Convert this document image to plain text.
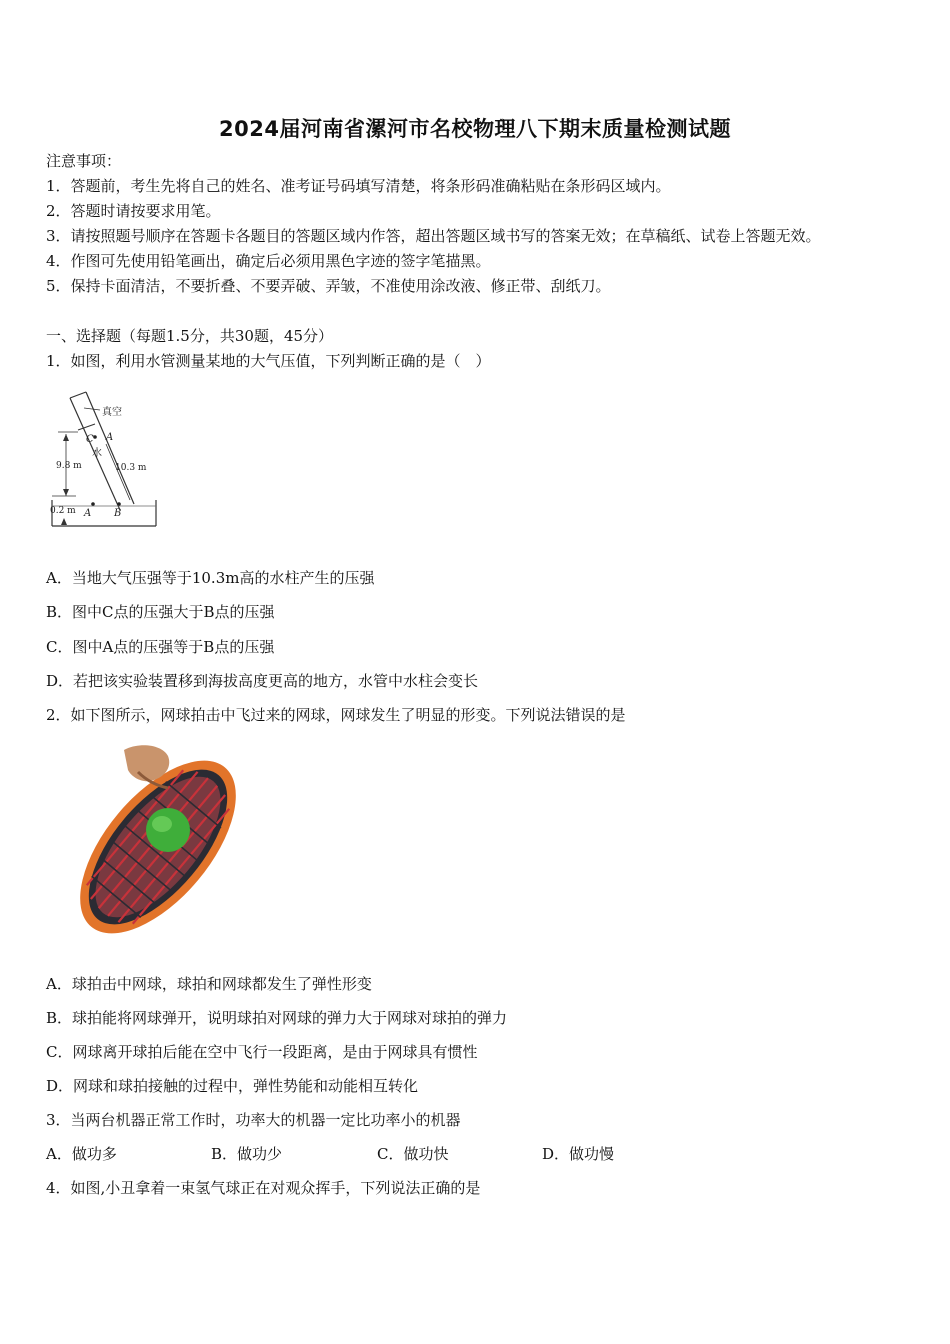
2024届河南省漯河市名校物理八下期末质量检测试题
注意事项：
1．答题前，考生先将自己的姓名、准考证号码填写清楚，将条形码准确粘贴在条形码区域内。
2．答题时请按要求用笔。
3．请按照题号顺序在答题卡各题目的答题区域内作答，超出答题区域书写的答案无效；在草稿纸、试卷上答题无效。
4．作图可先使用铅笔画出，确定后必须用黑色字迹的签字笔描黑。
5．保持卡面清洁，不要折叠、不要弄破、弄皱，不准使用涂改液、修正带、刮纸刀。
一、选择题（每题1.5分，共30题，45分）
1．如图，利用水管测量某地的大气压值，下列判断正确的是（　）
真空
9.8 m
C A
水
10.3 m
0.2 m A B
A．当地大气压强等于10.3m高的水柱产生的压强
B．图中C点的压强大于B点的压强
C．图中A点的压强等于B点的压强
D．若把该实验装置移到海拔高度更高的地方，水管中水柱会变长
2．如下图所示，网球拍击中飞过来的网球，网球发生了明显的形变。下列说法错误的是
A．球拍击中网球，球拍和网球都发生了弹性形变
B．球拍能将网球弹开，说明球拍对网球的弹力大于网球对球拍的弹力
C．网球离开球拍后能在空中飞行一段距离，是由于网球具有惯性
D．网球和球拍接触的过程中，弹性势能和动能相互转化
3．当两台机器正常工作时，功率大的机器一定比功率小的机器
A．做功多	B．做功少	C．做功快	D．做功慢
4．如图,小丑拿着一束氢气球正在对观众挥手，下列说法正确的是
